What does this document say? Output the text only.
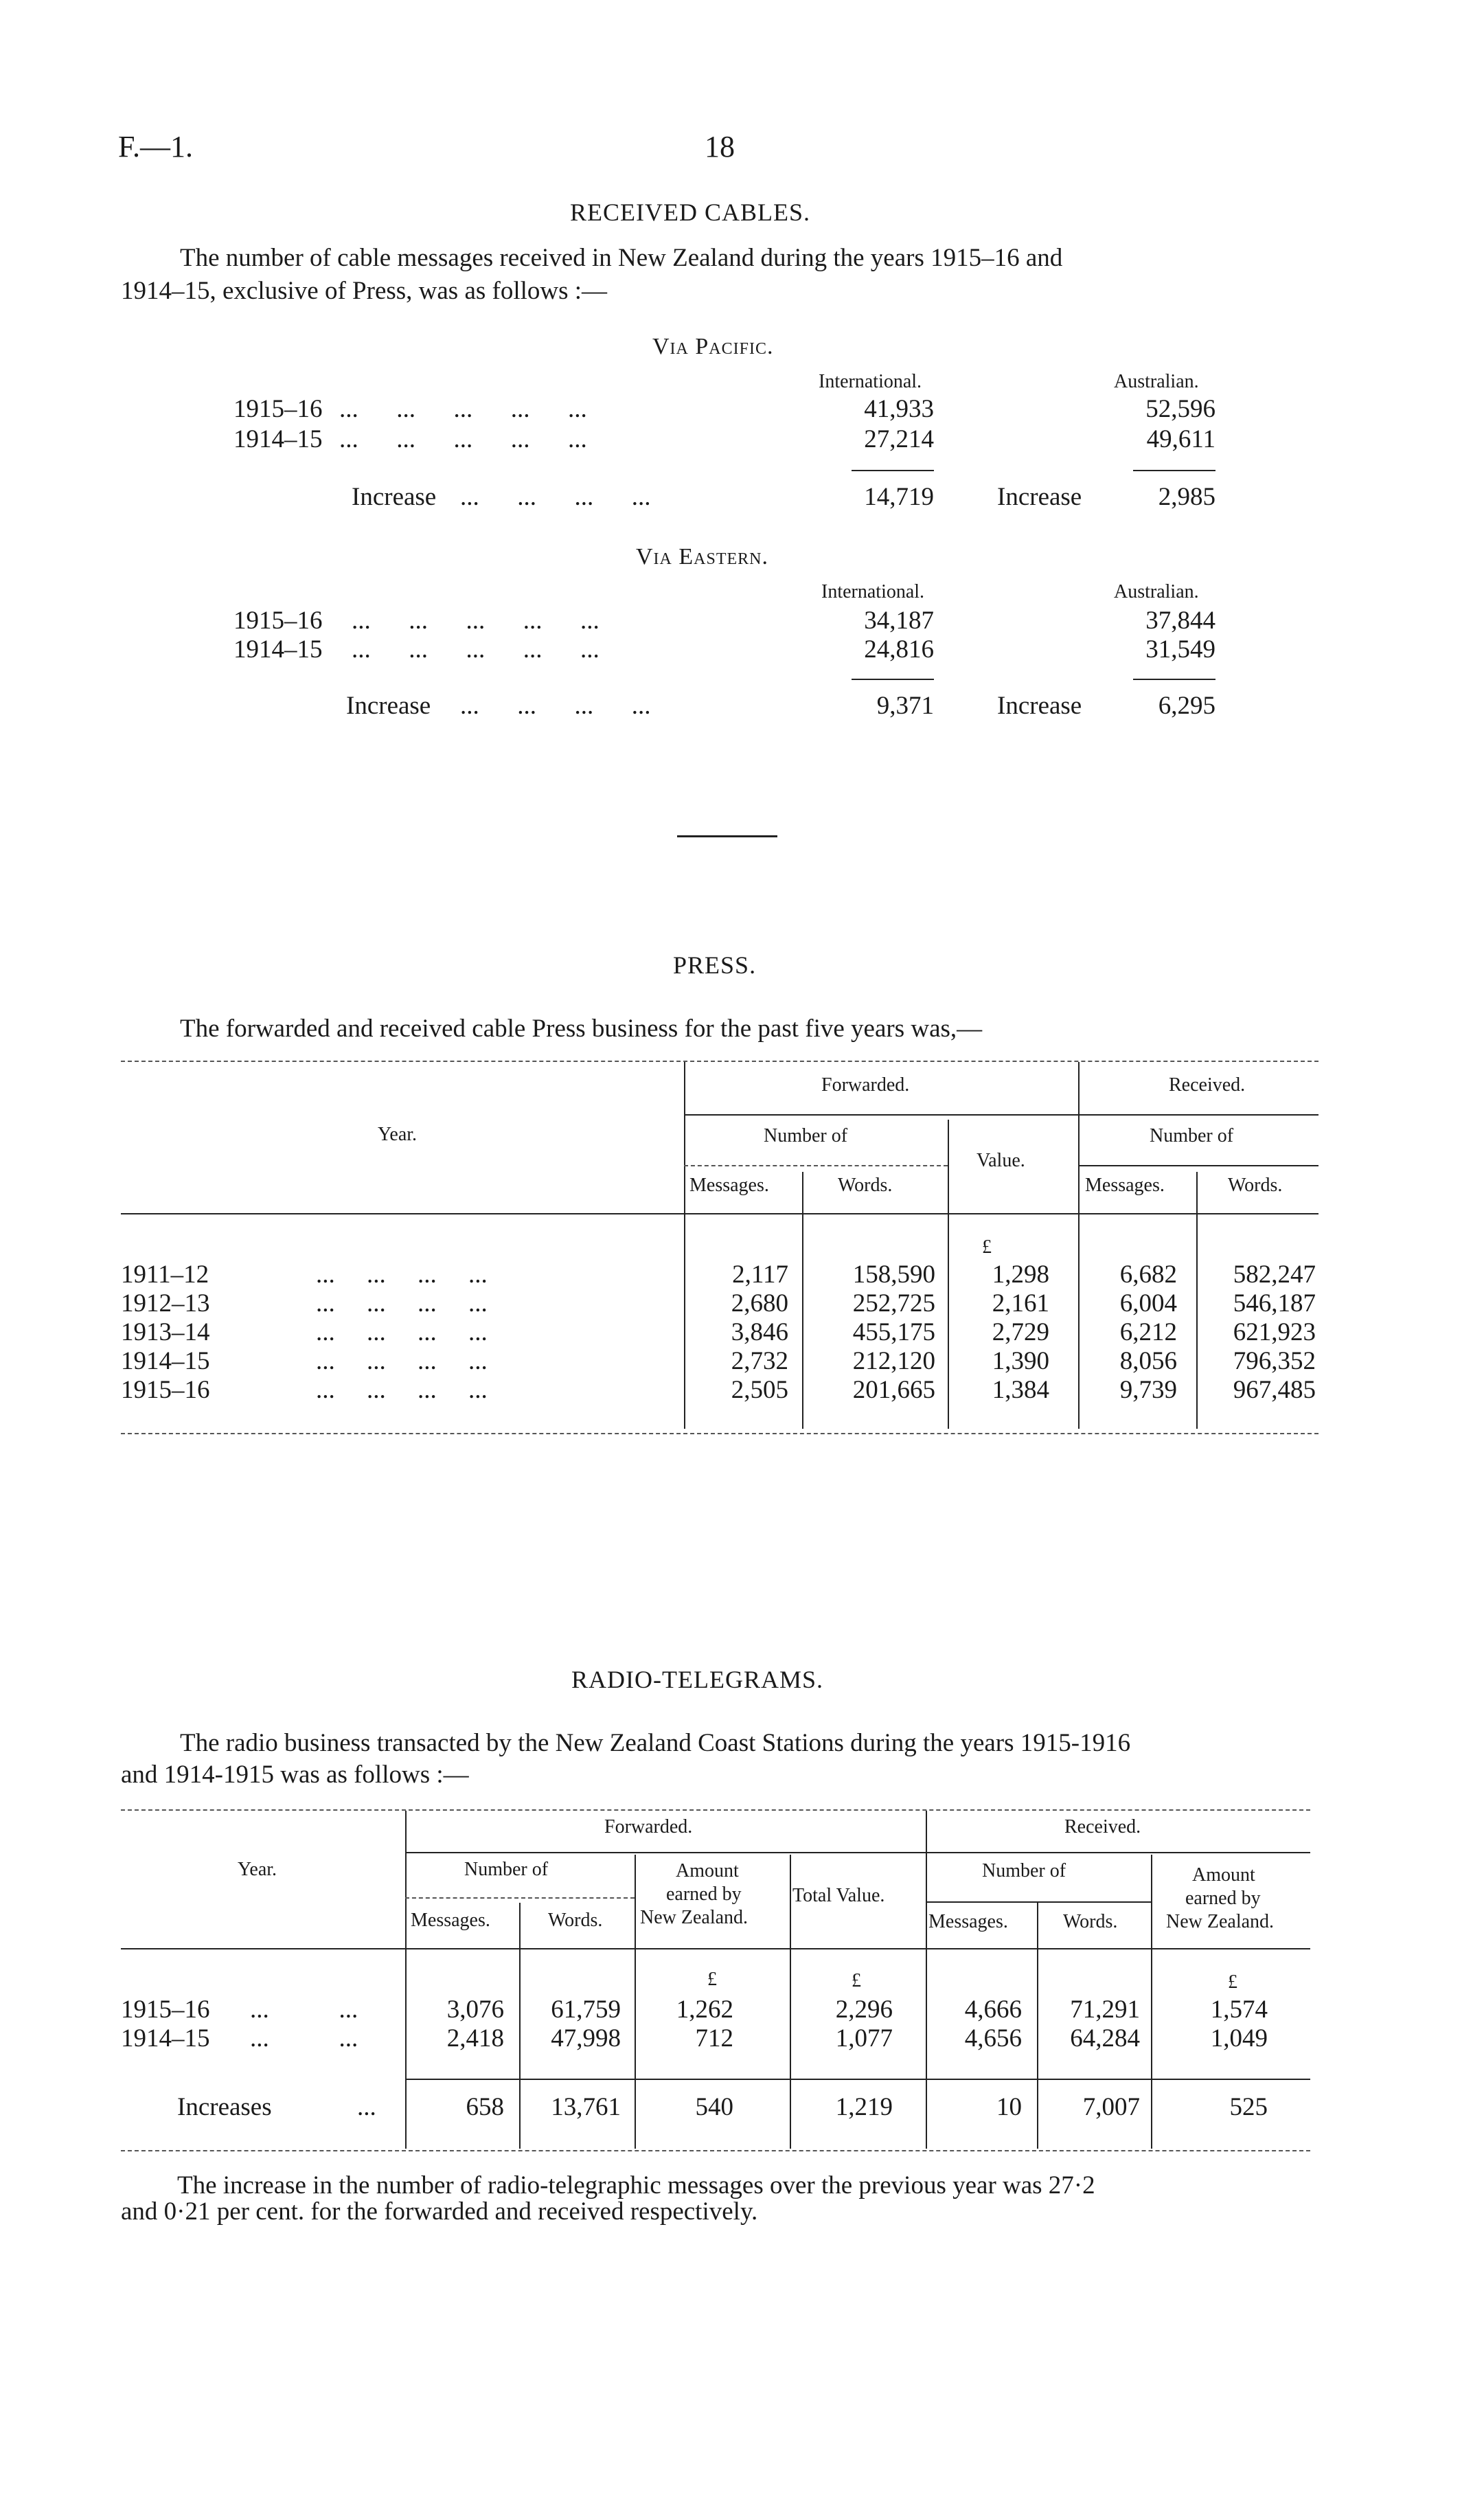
F.—1.	18
RECEIVED CABLES.
The number of cable messages received in New Zealand during the years 1915–16 and
1914–15, exclusive of Press, was as follows :—
Via Pacific.
International.	Australian.
1915–16 ...      ...      ...      ...      ...	41,933	52,596
1914–15 ...      ...      ...      ...      ...	27,214	49,611
Increase ...      ...      ...      ...	14,719 Increase	2,985
Via Eastern.
International.	Australian.
1915–16 ...      ...      ...      ...      ...	34,187	37,844
1914–15 ...      ...      ...      ...      ...	24,816	31,549
Increase ...      ...      ...      ...	9,371 Increase	6,295
PRESS.
The forwarded and received cable Press business for the past five years was,—
Year.
Forwarded.	Received.
Number of	Number of
Messages.	Words.
Value.
Messages.	Words.
£
1911–12	...     ...     ...     ...	2,117	158,590	1,298	6,682	582,247
1912–13	...     ...     ...     ...	2,680	252,725	2,161	6,004	546,187
1913–14	...     ...     ...     ...	3,846	455,175	2,729	6,212	621,923
1914–15	...     ...     ...     ...	2,732	212,120	1,390	8,056	796,352
1915–16	...     ...     ...     ...	2,505	201,665	1,384	9,739	967,485
RADIO-TELEGRAMS.
The radio business transacted by the New Zealand Coast Stations during the years 1915-1916
and 1914-1915 was as follows :—
Year.
Forwarded.	Received.
Number of	Number of
Amount
earned by
New Zealand.
Total Value.
Messages.	Words.	Messages.	Words.
Amount
earned by
New Zealand.
£	£	£
1915–16 ...           ...	3,076	61,759	1,262	2,296	4,666	71,291	1,574
1914–15 ...           ...	2,418	47,998	712	1,077	4,656	64,284	1,049
Increases	...	658	13,761	540	1,219	10	7,007	525
The increase in the number of radio-telegraphic messages over the previous year was 27·2
and 0·21 per cent. for the forwarded and received respectively.
